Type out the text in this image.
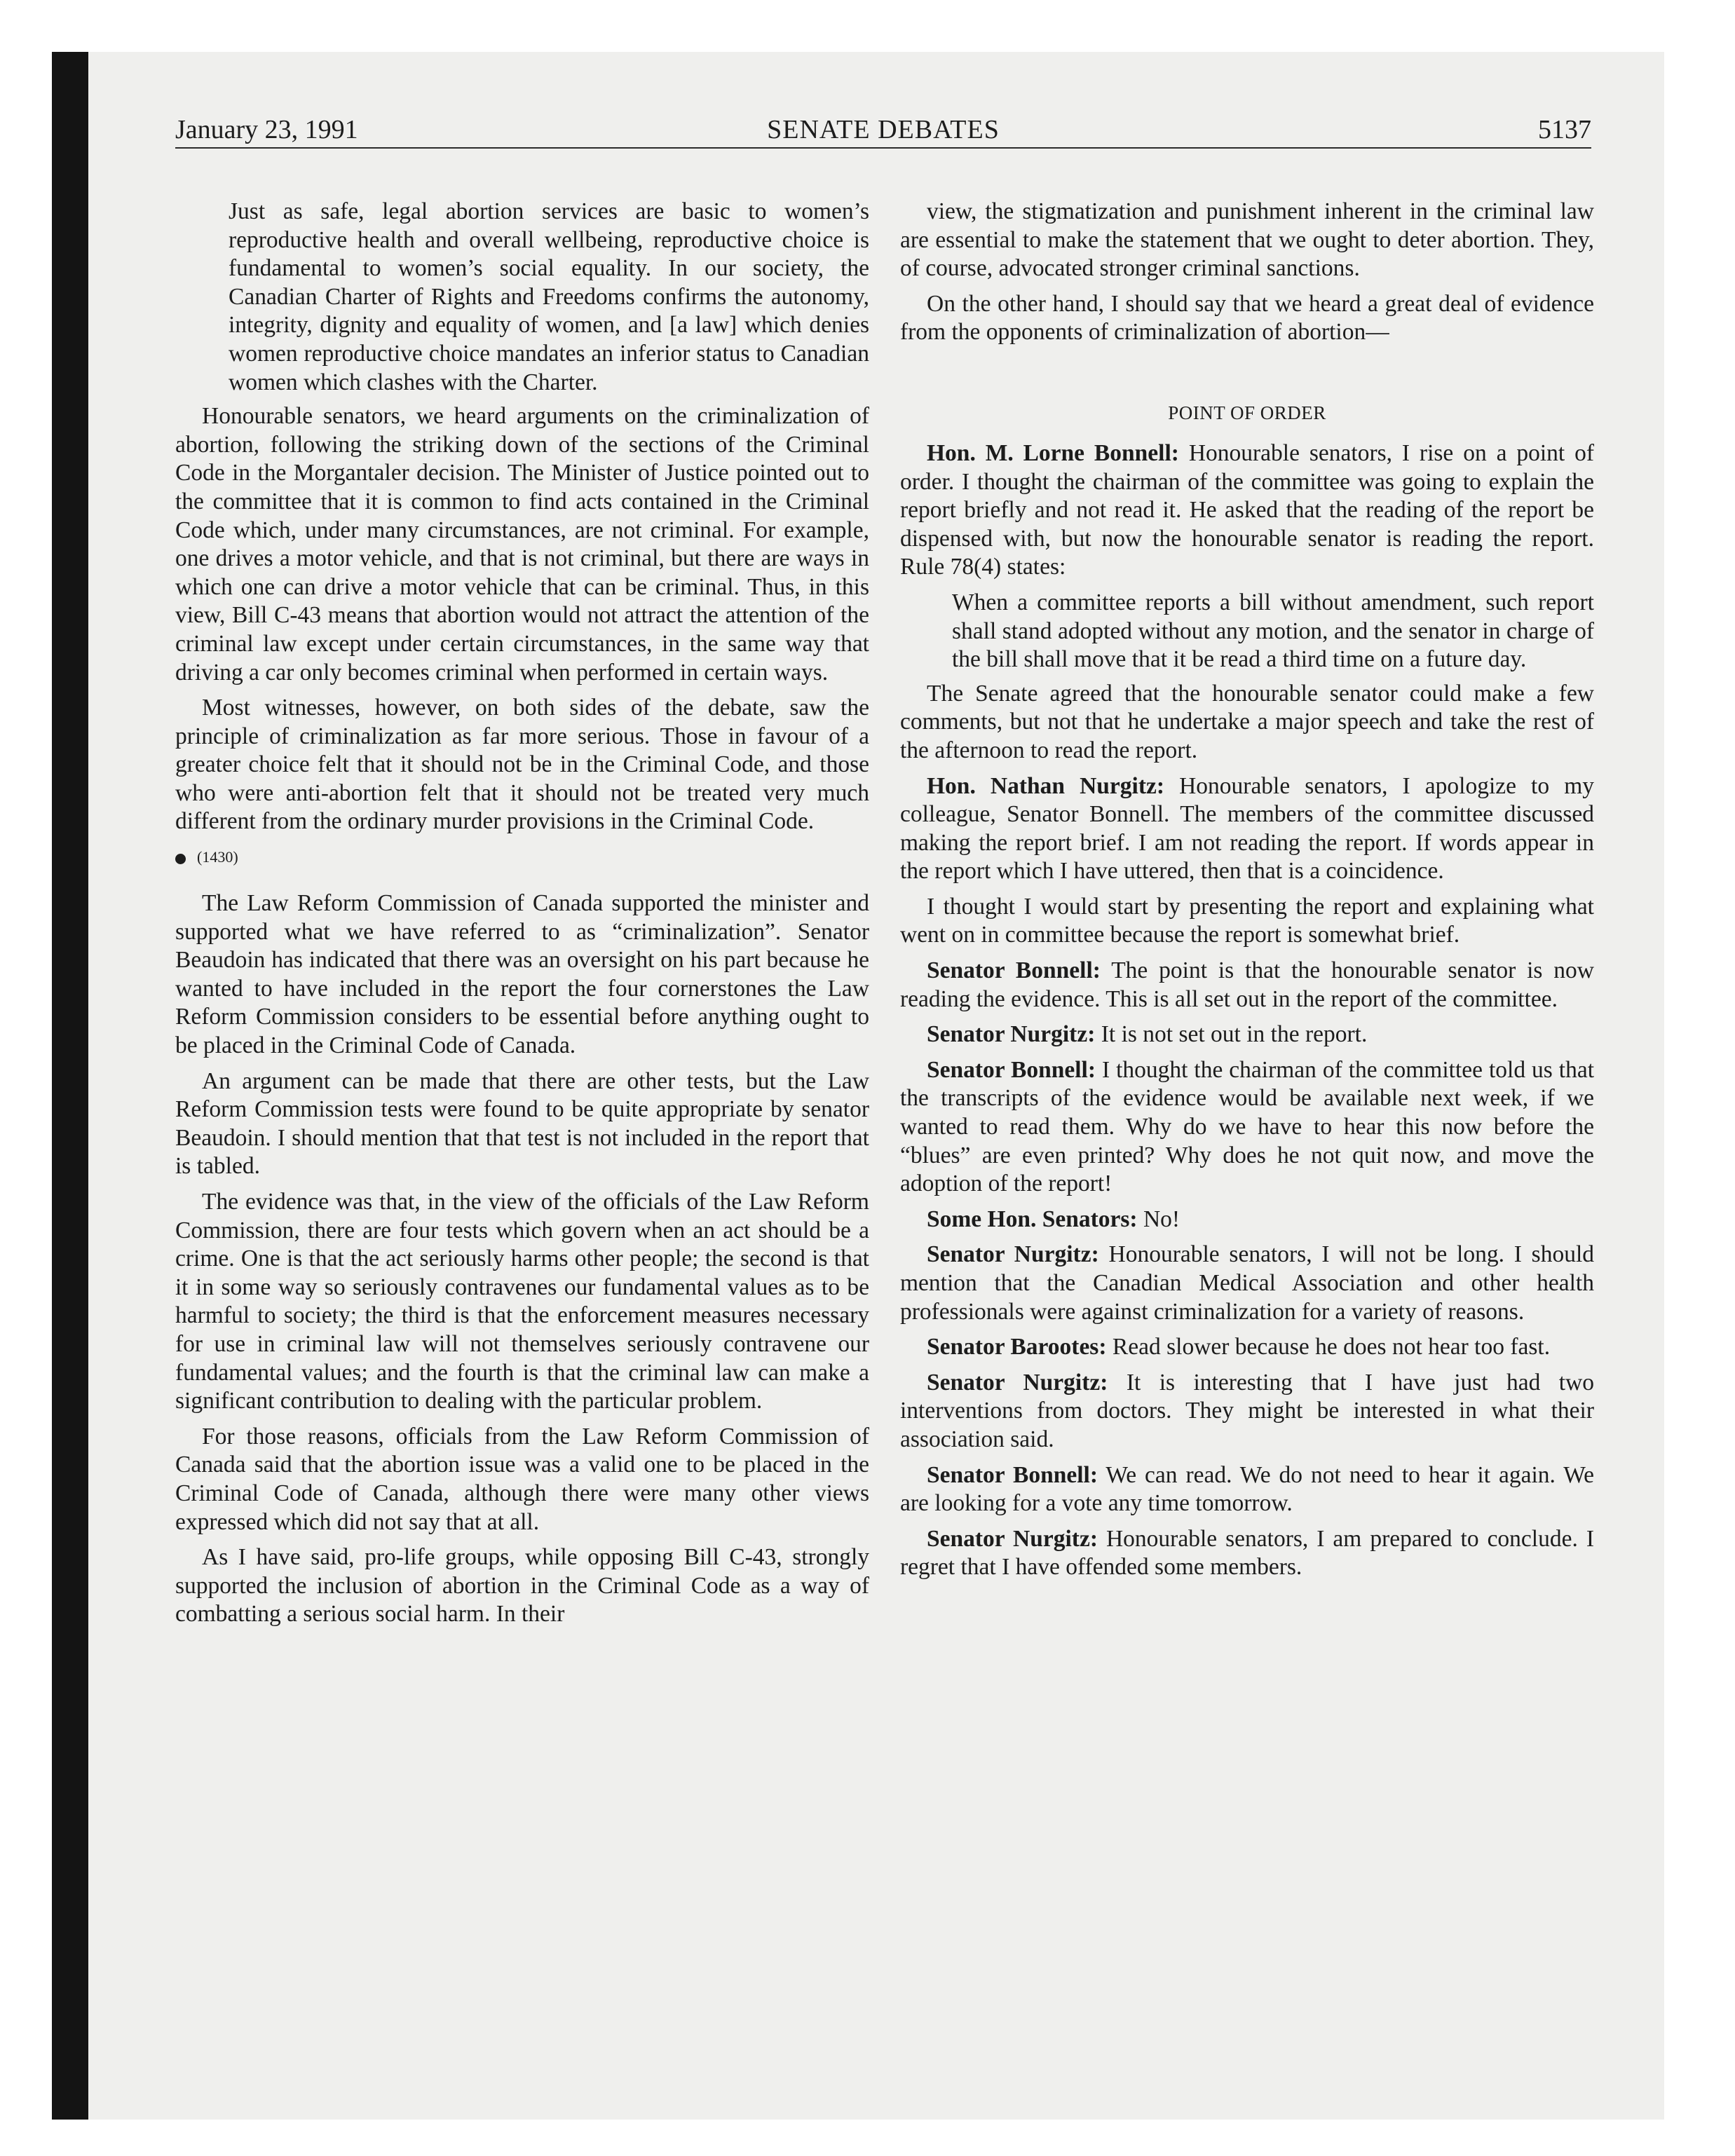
January 23, 1991	SENATE DEBATES	5137

Just as safe, legal abortion services are basic to women’s reproductive health and overall wellbeing, reproductive choice is fundamental to women’s social equality. In our society, the Canadian Charter of Rights and Freedoms confirms the autonomy, integrity, dignity and equality of women, and [a law] which denies women reproductive choice mandates an inferior status to Canadian women which clashes with the Charter.

Honourable senators, we heard arguments on the criminalization of abortion, following the striking down of the sections of the Criminal Code in the Morgantaler decision. The Minister of Justice pointed out to the committee that it is common to find acts contained in the Criminal Code which, under many circumstances, are not criminal. For example, one drives a motor vehicle, and that is not criminal, but there are ways in which one can drive a motor vehicle that can be criminal. Thus, in this view, Bill C-43 means that abortion would not attract the attention of the criminal law except under certain circumstances, in the same way that driving a car only becomes criminal when performed in certain ways.

Most witnesses, however, on both sides of the debate, saw the principle of criminalization as far more serious. Those in favour of a greater choice felt that it should not be in the Criminal Code, and those who were anti-abortion felt that it should not be treated very much different from the ordinary murder provisions in the Criminal Code.

(1430)

The Law Reform Commission of Canada supported the minister and supported what we have referred to as “criminalization”. Senator Beaudoin has indicated that there was an oversight on his part because he wanted to have included in the report the four cornerstones the Law Reform Commission considers to be essential before anything ought to be placed in the Criminal Code of Canada.

An argument can be made that there are other tests, but the Law Reform Commission tests were found to be quite appropriate by senator Beaudoin. I should mention that that test is not included in the report that is tabled.

The evidence was that, in the view of the officials of the Law Reform Commission, there are four tests which govern when an act should be a crime. One is that the act seriously harms other people; the second is that it in some way so seriously contravenes our fundamental values as to be harmful to society; the third is that the enforcement measures necessary for use in criminal law will not themselves seriously contravene our fundamental values; and the fourth is that the criminal law can make a significant contribution to dealing with the particular problem.

For those reasons, officials from the Law Reform Commission of Canada said that the abortion issue was a valid one to be placed in the Criminal Code of Canada, although there were many other views expressed which did not say that at all.

As I have said, pro-life groups, while opposing Bill C-43, strongly supported the inclusion of abortion in the Criminal Code as a way of combatting a serious social harm. In their

view, the stigmatization and punishment inherent in the criminal law are essential to make the statement that we ought to deter abortion. They, of course, advocated stronger criminal sanctions.

On the other hand, I should say that we heard a great deal of evidence from the opponents of criminalization of abortion—

POINT OF ORDER

Hon. M. Lorne Bonnell: Honourable senators, I rise on a point of order. I thought the chairman of the committee was going to explain the report briefly and not read it. He asked that the reading of the report be dispensed with, but now the honourable senator is reading the report. Rule 78(4) states:

When a committee reports a bill without amendment, such report shall stand adopted without any motion, and the senator in charge of the bill shall move that it be read a third time on a future day.

The Senate agreed that the honourable senator could make a few comments, but not that he undertake a major speech and take the rest of the afternoon to read the report.

Hon. Nathan Nurgitz: Honourable senators, I apologize to my colleague, Senator Bonnell. The members of the committee discussed making the report brief. I am not reading the report. If words appear in the report which I have uttered, then that is a coincidence.

I thought I would start by presenting the report and explaining what went on in committee because the report is somewhat brief.

Senator Bonnell: The point is that the honourable senator is now reading the evidence. This is all set out in the report of the committee.

Senator Nurgitz: It is not set out in the report.

Senator Bonnell: I thought the chairman of the committee told us that the transcripts of the evidence would be available next week, if we wanted to read them. Why do we have to hear this now before the “blues” are even printed? Why does he not quit now, and move the adoption of the report!

Some Hon. Senators: No!

Senator Nurgitz: Honourable senators, I will not be long. I should mention that the Canadian Medical Association and other health professionals were against criminalization for a variety of reasons.

Senator Barootes: Read slower because he does not hear too fast.

Senator Nurgitz: It is interesting that I have just had two interventions from doctors. They might be interested in what their association said.

Senator Bonnell: We can read. We do not need to hear it again. We are looking for a vote any time tomorrow.

Senator Nurgitz: Honourable senators, I am prepared to conclude. I regret that I have offended some members.
